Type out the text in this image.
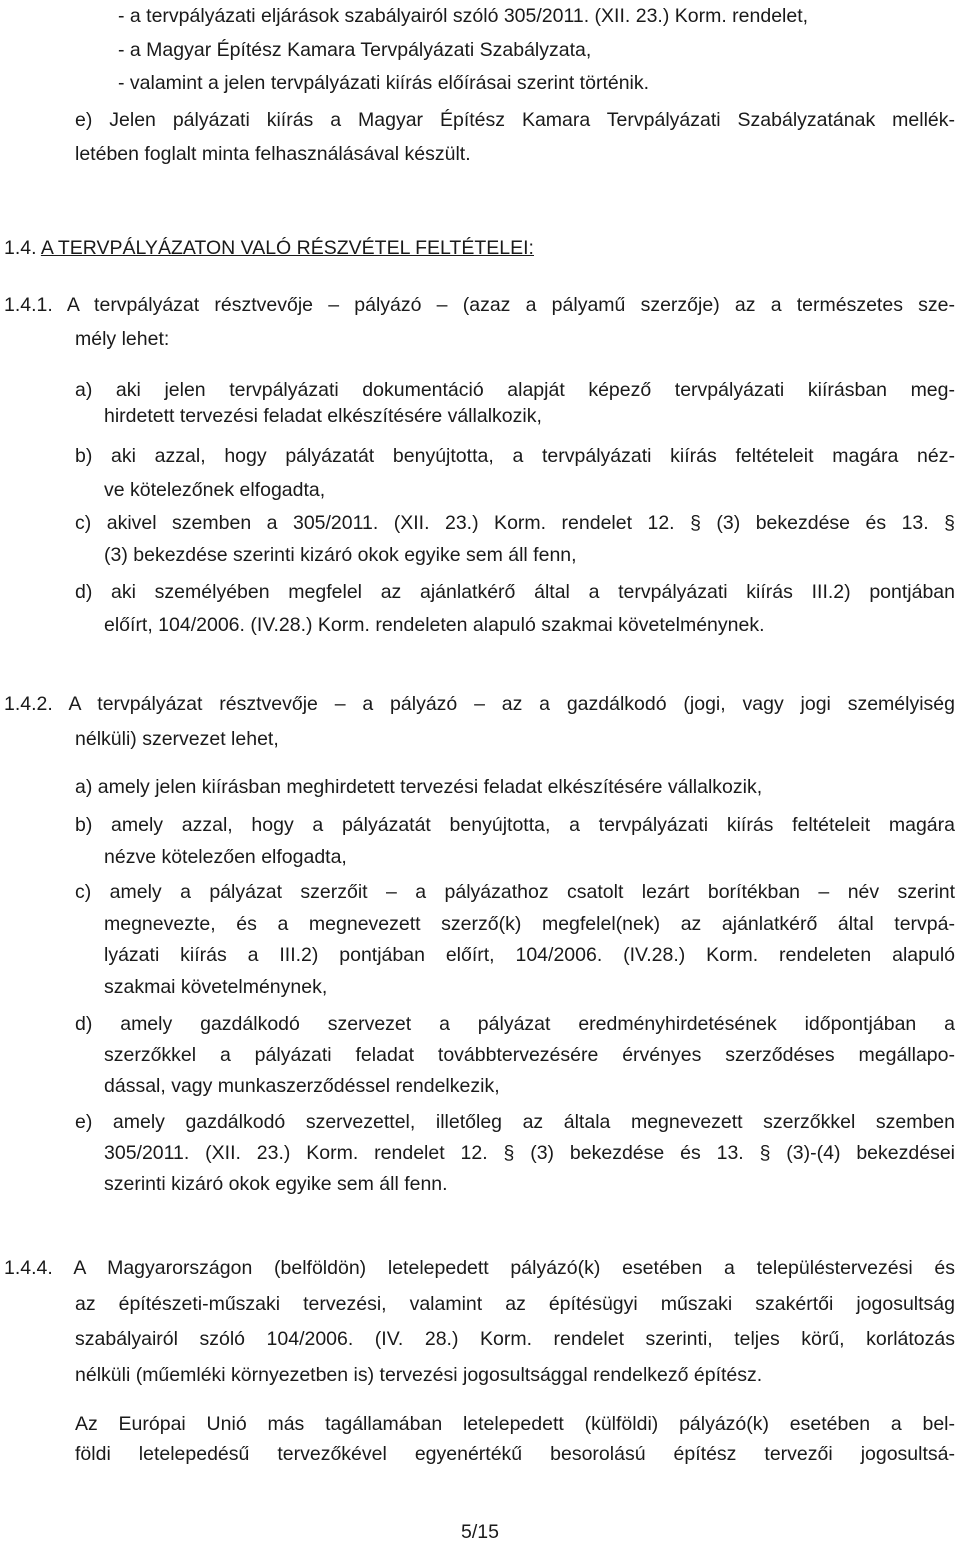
- a tervpályázati eljárások szabályairól szóló 305/2011. (XII. 23.) Korm. rendelet,
- a Magyar Építész Kamara Tervpályázati Szabályzata,
- valamint a jelen tervpályázati kiírás előírásai szerint történik.
e) Jelen pályázati kiírás a Magyar Építész Kamara Tervpályázati Szabályzatának mellék-
letében foglalt minta felhasználásával készült.
1.4. A TERVPÁLYÁZATON VALÓ RÉSZVÉTEL FELTÉTELEI:
1.4.1. A tervpályázat résztvevője – pályázó – (azaz a pályamű szerzője) az a természetes sze-
mély lehet:
a) aki jelen tervpályázati dokumentáció alapját képező tervpályázati kiírásban meg-
hirdetett tervezési feladat elkészítésére vállalkozik,
b) aki azzal, hogy pályázatát benyújtotta, a tervpályázati kiírás feltételeit magára néz-
ve kötelezőnek elfogadta,
c) akivel szemben a 305/2011. (XII. 23.) Korm. rendelet 12. § (3) bekezdése és 13. §
(3) bekezdése szerinti kizáró okok egyike sem áll fenn,
d) aki személyében megfelel az ajánlatkérő által a tervpályázati kiírás III.2) pontjában
előírt, 104/2006. (IV.28.) Korm. rendeleten alapuló szakmai követelménynek.
1.4.2. A tervpályázat résztvevője – a pályázó – az a gazdálkodó (jogi, vagy jogi személyiség
nélküli) szervezet lehet,
a) amely jelen kiírásban meghirdetett tervezési feladat elkészítésére vállalkozik,
b) amely azzal, hogy a pályázatát benyújtotta, a tervpályázati kiírás feltételeit magára
nézve kötelezően elfogadta,
c) amely a pályázat szerzőit – a pályázathoz csatolt lezárt borítékban – név szerint
megnevezte, és a megnevezett szerző(k) megfelel(nek) az ajánlatkérő által tervpá-
lyázati kiírás a III.2) pontjában előírt, 104/2006. (IV.28.) Korm. rendeleten alapuló
szakmai követelménynek,
d) amely gazdálkodó szervezet a pályázat eredményhirdetésének időpontjában a
szerzőkkel a pályázati feladat továbbtervezésére érvényes szerződéses megállapo-
dással, vagy munkaszerződéssel rendelkezik,
e) amely gazdálkodó szervezettel, illetőleg az általa megnevezett szerzőkkel szemben
305/2011. (XII. 23.) Korm. rendelet 12. § (3) bekezdése és 13. § (3)-(4) bekezdései
szerinti kizáró okok egyike sem áll fenn.
1.4.4. A Magyarországon (belföldön) letelepedett pályázó(k) esetében a településtervezési és
az építészeti-műszaki tervezési, valamint az építésügyi műszaki szakértői jogosultság
szabályairól szóló 104/2006. (IV. 28.) Korm. rendelet szerinti, teljes körű, korlátozás
nélküli (műemléki környezetben is) tervezési jogosultsággal rendelkező építész.
Az Európai Unió más tagállamában letelepedett (külföldi) pályázó(k) esetében a bel-
földi letelepedésű tervezőkével egyenértékű besorolású építész tervezői jogosultsá-
5/15
